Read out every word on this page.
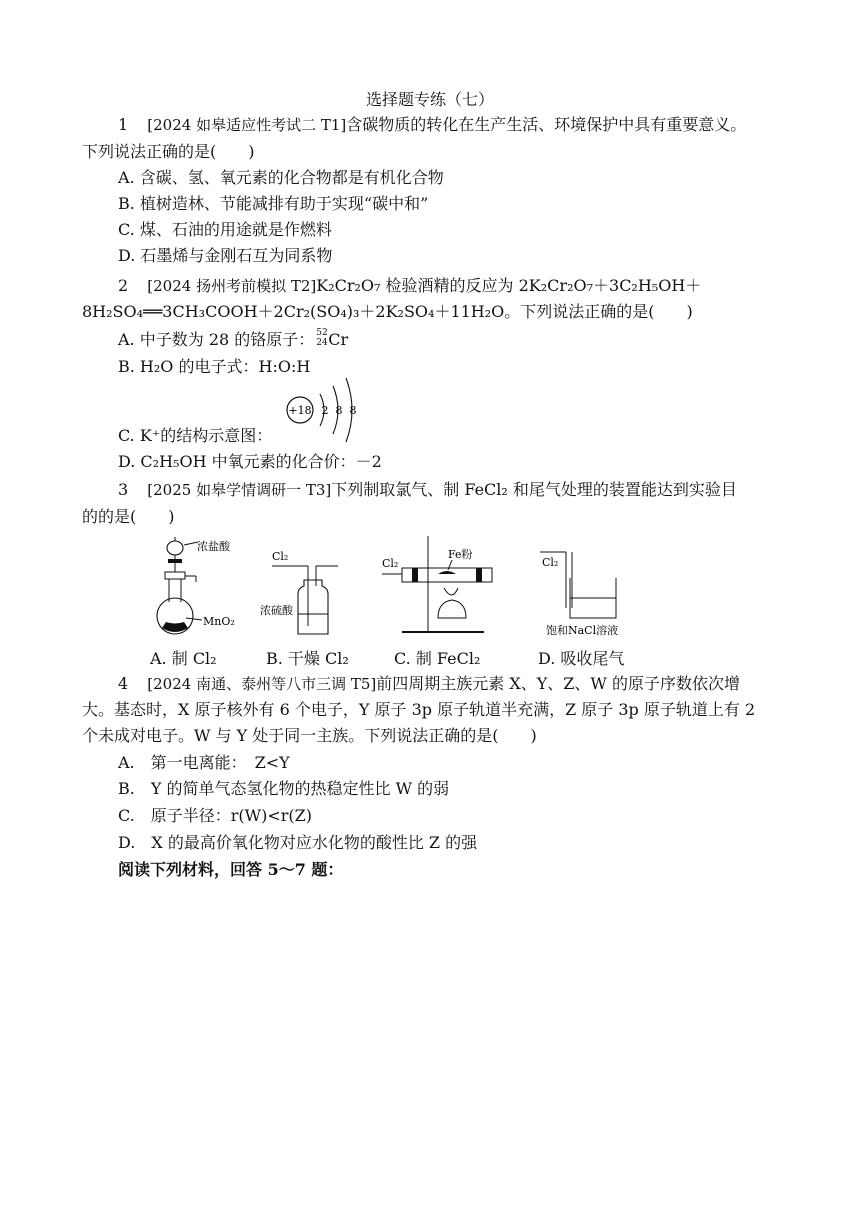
选择题专练（七）
1 [2024 如皋适应性考试二 T1]含碳物质的转化在生产生活、环境保护中具有重要意义。
下列说法正确的是(　　)
A. 含碳、氢、氧元素的化合物都是有机化合物
B. 植树造林、节能减排有助于实现“碳中和”
C. 煤、石油的用途就是作燃料
D. 石墨烯与金刚石互为同系物
2 [2024 扬州考前模拟 T2]K₂Cr₂O₇ 检验酒精的反应为 2K₂Cr₂O₇＋3C₂H₅OH＋
8H₂SO₄══3CH₃COOH＋2Cr₂(SO₄)₃＋2K₂SO₄＋11H₂O。下列说法正确的是(　　)
A. 中子数为 28 的铬原子： 52
24 Cr
B. H₂O 的电子式：H:O:H
+18 2 8 8
C. K⁺的结构示意图：
D. C₂H₅OH 中氧元素的化合价：－2
3 [2025 如皋学情调研一 T3]下列制取氯气、制 FeCl₂ 和尾气处理的装置能达到实验目
的的是(　　)
浓盐酸
MnO₂
Cl₂
浓硫酸
Cl₂
Fe粉
Cl₂
饱和NaCl溶液
A. 制 Cl₂	B. 干燥 Cl₂	C. 制 FeCl₂	D. 吸收尾气
4 [2024 南通、泰州等八市三调 T5]前四周期主族元素 X、Y、Z、W 的原子序数依次增
大。基态时，X 原子核外有 6 个电子，Y 原子 3p 原子轨道半充满，Z 原子 3p 原子轨道上有 2
个未成对电子。W 与 Y 处于同一主族。下列说法正确的是(　　)
A.　第一电离能：　Z<Y
B.　Y 的简单气态氢化物的热稳定性比 W 的弱
C.　原子半径：r(W)<r(Z)
D.　X 的最高价氧化物对应水化物的酸性比 Z 的强
阅读下列材料，回答 5～7 题：
